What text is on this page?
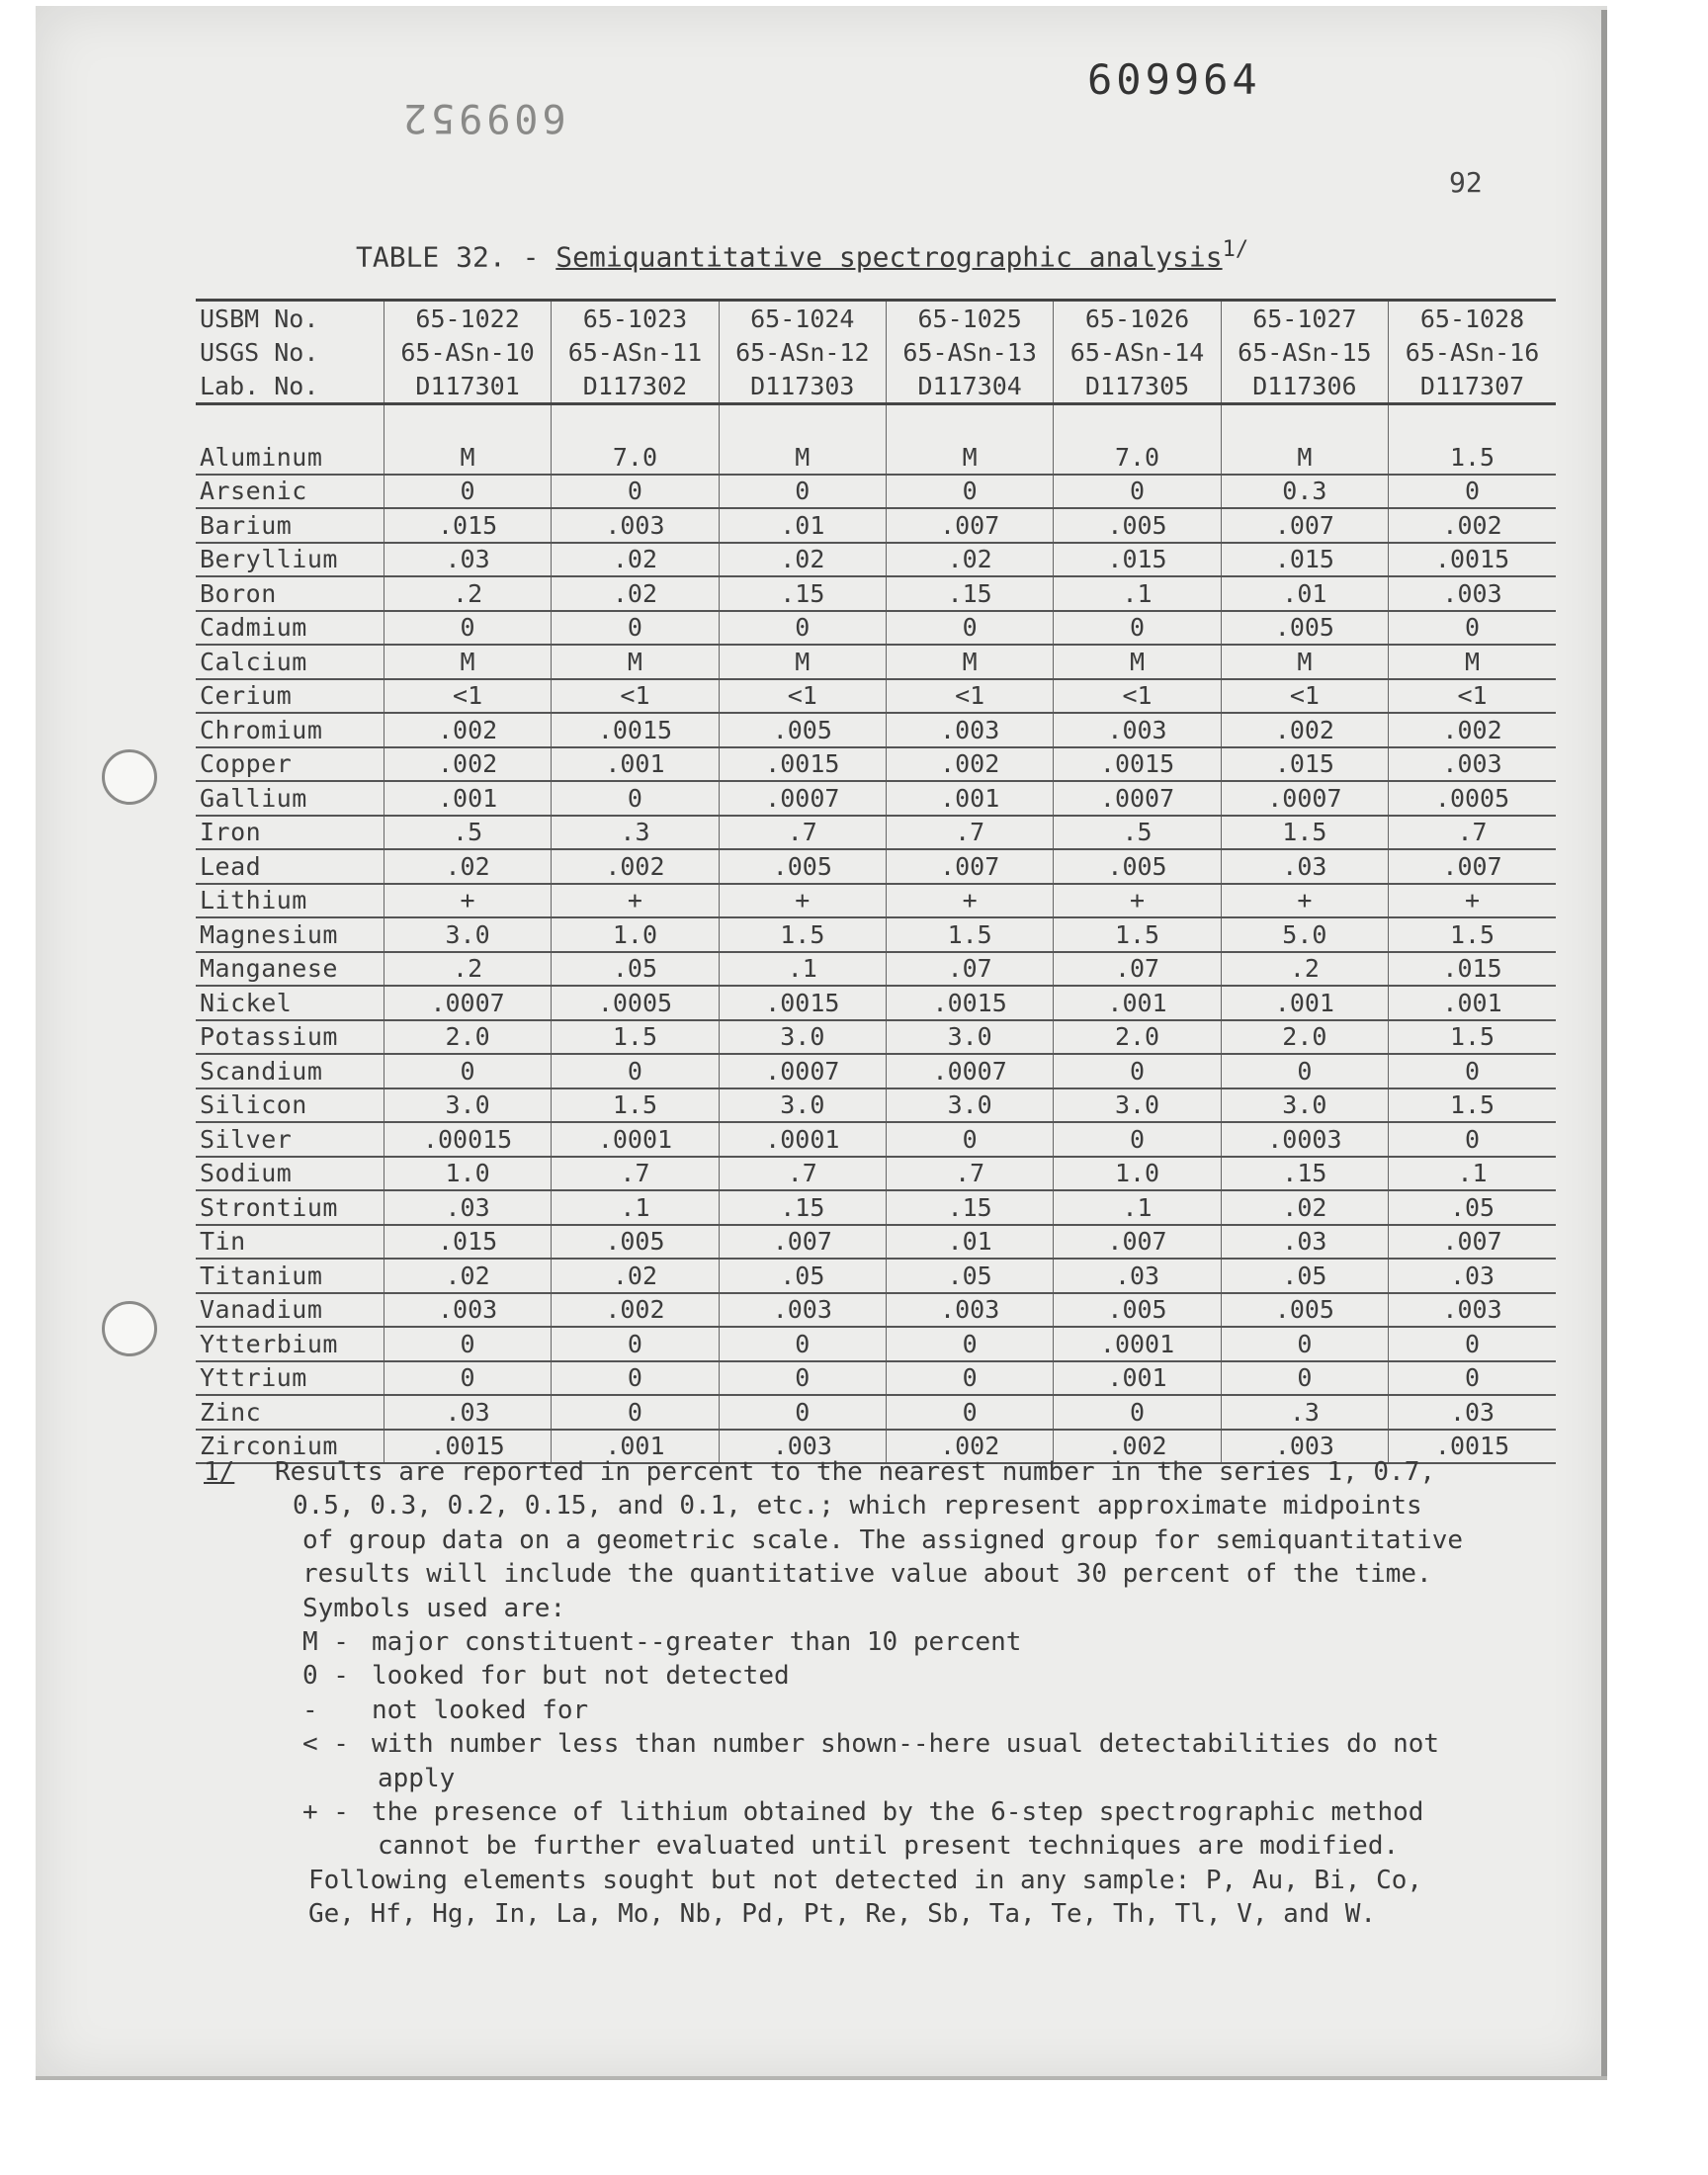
609964
609952
92
TABLE 32. - Semiquantitative spectrographic analysis$^{1/}$

USBM No.	65-1022	65-1023	65-1024	65-1025	65-1026	65-1027	65-1028
USGS No.	65-ASn-10	65-ASn-11	65-ASn-12	65-ASn-13	65-ASn-14	65-ASn-15	65-ASn-16
Lab. No.	D117301	D117302	D117303	D117304	D117305	D117306	D117307

Aluminum	M	7.0	M	M	7.0	M	1.5
Arsenic	0	0	0	0	0	0.3	0
Barium	.015	.003	.01	.007	.005	.007	.002
Beryllium	.03	.02	.02	.02	.015	.015	.0015
Boron	.2	.02	.15	.15	.1	.01	.003
Cadmium	0	0	0	0	0	.005	0
Calcium	M	M	M	M	M	M	M
Cerium	<1	<1	<1	<1	<1	<1	<1
Chromium	.002	.0015	.005	.003	.003	.002	.002
Copper	.002	.001	.0015	.002	.0015	.015	.003
Gallium	.001	0	.0007	.001	.0007	.0007	.0005
Iron	.5	.3	.7	.7	.5	1.5	.7
Lead	.02	.002	.005	.007	.005	.03	.007
Lithium	+	+	+	+	+	+	+
Magnesium	3.0	1.0	1.5	1.5	1.5	5.0	1.5
Manganese	.2	.05	.1	.07	.07	.2	.015
Nickel	.0007	.0005	.0015	.0015	.001	.001	.001
Potassium	2.0	1.5	3.0	3.0	2.0	2.0	1.5
Scandium	0	0	.0007	.0007	0	0	0
Silicon	3.0	1.5	3.0	3.0	3.0	3.0	1.5
Silver	.00015	.0001	.0001	0	0	.0003	0
Sodium	1.0	.7	.7	.7	1.0	.15	.1
Strontium	.03	.1	.15	.15	.1	.02	.05
Tin	.015	.005	.007	.01	.007	.03	.007
Titanium	.02	.02	.05	.05	.03	.05	.03
Vanadium	.003	.002	.003	.003	.005	.005	.003
Ytterbium	0	0	0	0	.0001	0	0
Yttrium	0	0	0	0	.001	0	0
Zinc	.03	0	0	0	0	.3	.03
Zirconium	.0015	.001	.003	.002	.002	.003	.0015
1/ Results are reported in percent to the nearest number in the series 1, 0.7,
0.5, 0.3, 0.2, 0.15, and 0.1, etc.; which represent approximate midpoints
of group data on a geometric scale. The assigned group for semiquantitative
results will include the quantitative value about 30 percent of the time.
Symbols used are:
M - major constituent--greater than 10 percent
0 - looked for but not detected
- not looked for
< - with number less than number shown--here usual detectabilities do not
apply
+ - the presence of lithium obtained by the 6-step spectrographic method
cannot be further evaluated until present techniques are modified.
Following elements sought but not detected in any sample: P, Au, Bi, Co,
Ge, Hf, Hg, In, La, Mo, Nb, Pd, Pt, Re, Sb, Ta, Te, Th, Tl, V, and W.
